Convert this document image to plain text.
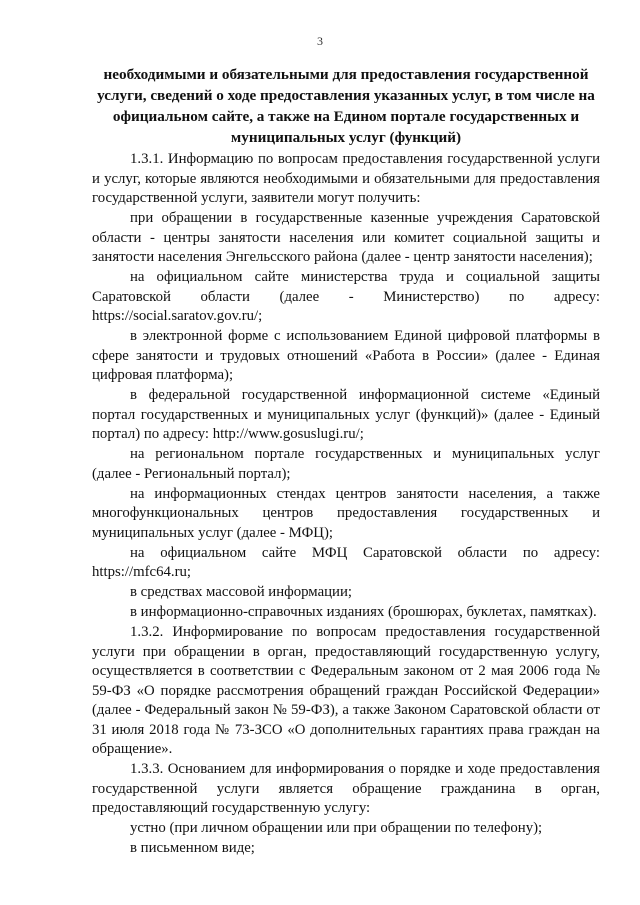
3
необходимыми и обязательными для предоставления государственной услуги, сведений о ходе предоставления указанных услуг, в том числе на официальном сайте, а также на Едином портале государственных и муниципальных услуг (функций)

1.3.1. Информацию по вопросам предоставления государственной услуги и услуг, которые являются необходимыми и обязательными для предоставления государственной услуги, заявители могут получить:

при обращении в государственные казенные учреждения Саратовской области - центры занятости населения или комитет социальной защиты и занятости населения Энгельсского района (далее - центр занятости населения);

на официальном сайте министерства труда и социальной защиты Саратовской области (далее - Министерство) по адресу: https://social.saratov.gov.ru/;

в электронной форме с использованием Единой цифровой платформы в сфере занятости и трудовых отношений «Работа в России» (далее - Единая цифровая платформа);

в федеральной государственной информационной системе «Единый портал государственных и муниципальных услуг (функций)» (далее - Единый портал) по адресу: http://www.gosuslugi.ru/;

на региональном портале государственных и муниципальных услуг (далее - Региональный портал);

на информационных стендах центров занятости населения, а также многофункциональных центров предоставления государственных и муниципальных услуг (далее - МФЦ);

на официальном сайте МФЦ Саратовской области по адресу: https://mfc64.ru;

в средствах массовой информации;

в информационно-справочных изданиях (брошюрах, буклетах, памятках).

1.3.2. Информирование по вопросам предоставления государственной услуги при обращении в орган, предоставляющий государственную услугу, осуществляется в соответствии с Федеральным законом от 2 мая 2006 года № 59-ФЗ «О порядке рассмотрения обращений граждан Российской Федерации» (далее - Федеральный закон № 59-ФЗ), а также Законом Саратовской области от 31 июля 2018 года № 73-ЗСО «О дополнительных гарантиях права граждан на обращение».

1.3.3. Основанием для информирования о порядке и ходе предоставления государственной услуги является обращение гражданина в орган, предоставляющий государственную услугу:

устно (при личном обращении или при обращении по телефону);

в письменном виде;
